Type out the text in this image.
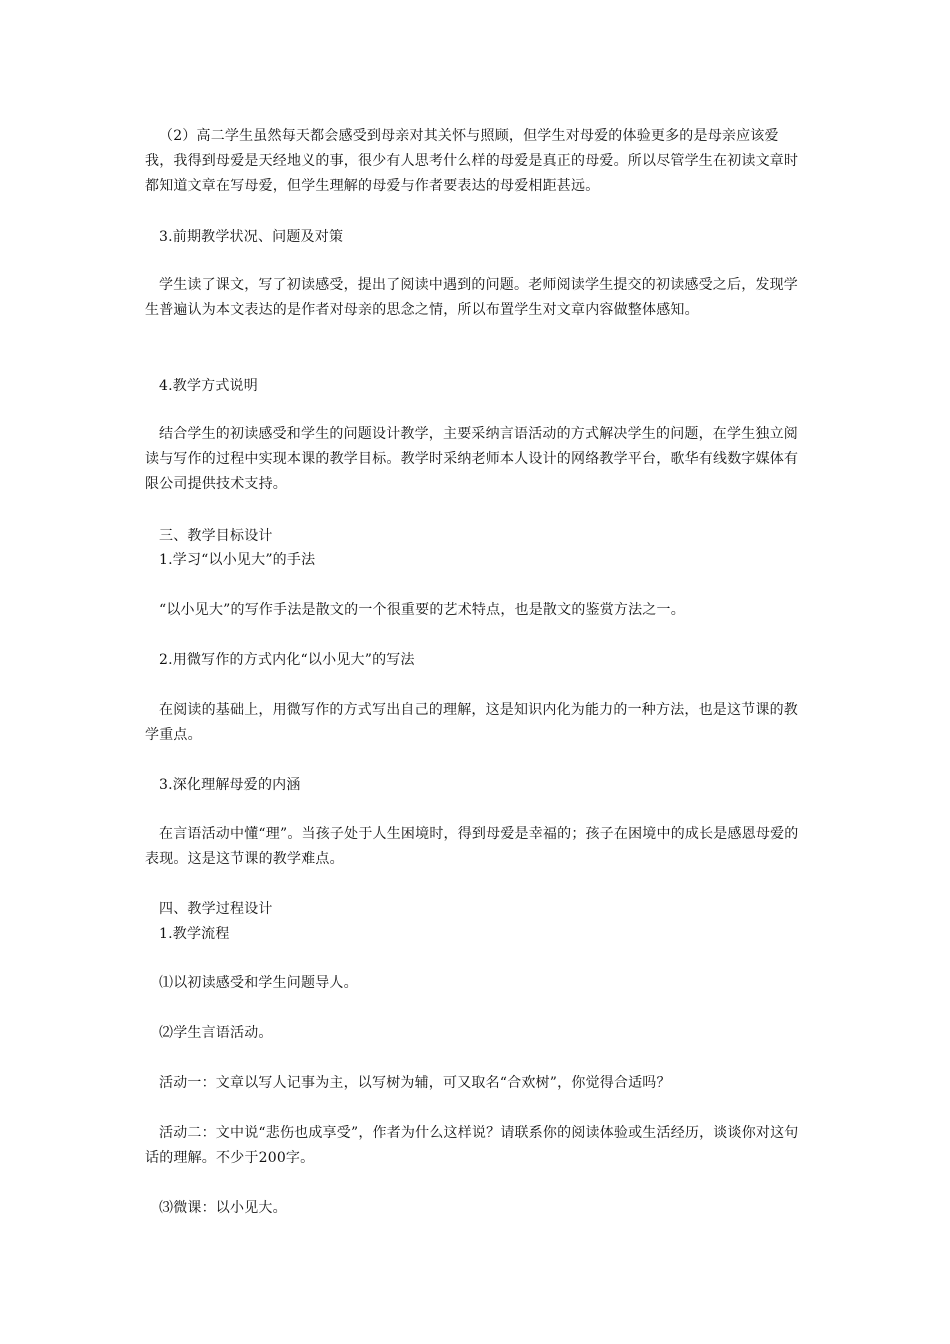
（2）高二学生虽然每天都会感受到母亲对其关怀与照顾，但学生对母爱的体验更多的是母亲应该爱我，我得到母爱是天经地义的事，很少有人思考什么样的母爱是真正的母爱。所以尽管学生在初读文章时都知道文章在写母爱，但学生理解的母爱与作者要表达的母爱相距甚远。

3.前期教学状况、问题及对策

学生读了课文，写了初读感受，提出了阅读中遇到的问题。老师阅读学生提交的初读感受之后，发现学生普遍认为本文表达的是作者对母亲的思念之情，所以布置学生对文章内容做整体感知。

4.教学方式说明

结合学生的初读感受和学生的问题设计教学，主要采纳言语活动的方式解决学生的问题，在学生独立阅读与写作的过程中实现本课的教学目标。教学时采纳老师本人设计的网络教学平台，歌华有线数字媒体有限公司提供技术支持。

三、教学目标设计

1.学习“以小见大”的手法

“以小见大”的写作手法是散文的一个很重要的艺术特点，也是散文的鉴赏方法之一。

2.用微写作的方式内化“以小见大”的写法

在阅读的基础上，用微写作的方式写出自己的理解，这是知识内化为能力的一种方法，也是这节课的教学重点。

3.深化理解母爱的内涵

在言语活动中懂“理”。当孩子处于人生困境时，得到母爱是幸福的；孩子在困境中的成长是感恩母爱的表现。这是这节课的教学难点。

四、教学过程设计

1.教学流程

⑴以初读感受和学生问题导人。

⑵学生言语活动。

活动一：文章以写人记事为主，以写树为辅，可又取名“合欢树”，你觉得合适吗？

活动二：文中说“悲伤也成享受”，作者为什么这样说？请联系你的阅读体验或生活经历，谈谈你对这句话的理解。不少于200字。

⑶微课：以小见大。
